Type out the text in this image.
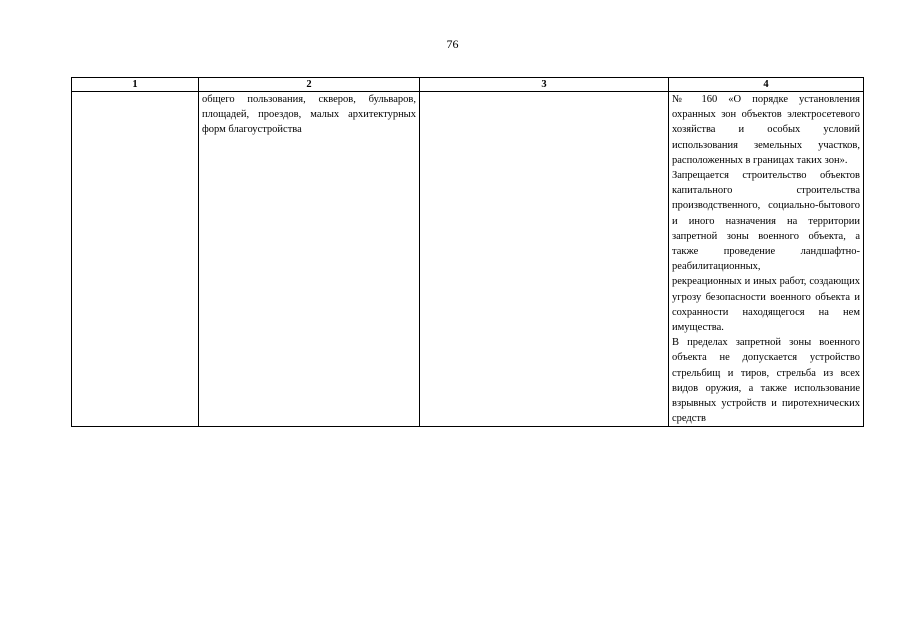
76
1	2	3	4

	общего пользования, скверов, бульваров, площадей, проездов, малых архитектурных форм благоустройства		№ 160 «О порядке установления охранных зон объектов электросетевого хозяйства и особых условий использования земельных участков, расположенных в границах таких зон».
Запрещается строительство объектов капитального строительства производственного, социально-бытового и иного назначения на территории запретной зоны военного объекта, а также проведение ландшафтно-реабилитационных,
рекреационных и иных работ, создающих угрозу безопасности военного объекта и сохранности находящегося на нем имущества.
В пределах запретной зоны военного объекта не допускается устройство стрельбищ и тиров, стрельба из всех видов оружия, а также использование взрывных устройств и пиротехнических средств
